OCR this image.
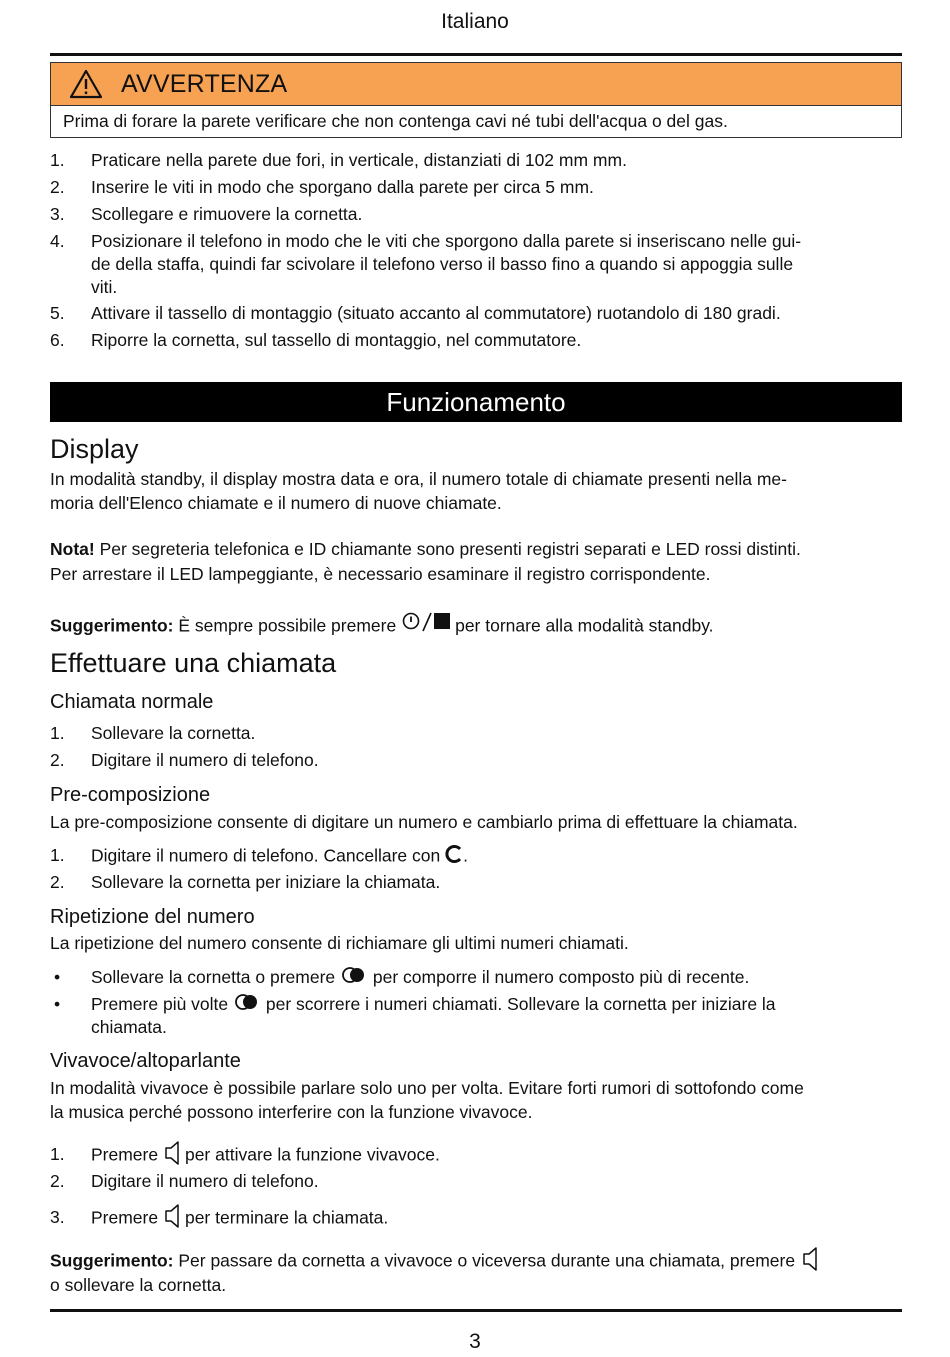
Italiano
AVVERTENZA
Prima di forare la parete verificare che non contenga cavi né tubi dell'acqua o del gas.
1. Praticare nella parete due fori, in verticale, distanziati di 102 mm mm.
2. Inserire le viti in modo che sporgano dalla parete per circa 5 mm.
3. Scollegare e rimuovere la cornetta.
4. Posizionare il telefono in modo che le viti che sporgono dalla parete si inseriscano nelle gui-
de della staffa, quindi far scivolare il telefono verso il basso fino a quando si appoggia sulle
viti.
5. Attivare il tassello di montaggio (situato accanto al commutatore) ruotandolo di 180 gradi.
6. Riporre la cornetta, sul tassello di montaggio, nel commutatore.
Funzionamento
Display
In modalità standby, il display mostra data e ora, il numero totale di chiamate presenti nella me-
moria dell'Elenco chiamate e il numero di nuove chiamate.
Nota! Per segreteria telefonica e ID chiamante sono presenti registri separati e LED rossi distinti.
Per arrestare il LED lampeggiante, è necessario esaminare il registro corrispondente.
Suggerimento: È sempre possibile premere	per tornare alla modalità standby.
Effettuare una chiamata
Chiamata normale
1. Sollevare la cornetta.
2. Digitare il numero di telefono.
Pre-composizione
La pre-composizione consente di digitare un numero e cambiarlo prima di effettuare la chiamata.
1. Digitare il numero di telefono. Cancellare con .
2. Sollevare la cornetta per iniziare la chiamata.
Ripetizione del numero
La ripetizione del numero consente di richiamare gli ultimi numeri chiamati.
• Sollevare la cornetta o premere  per comporre il numero composto più di recente.
• Premere più volte  per scorrere i numeri chiamati. Sollevare la cornetta per iniziare la
chiamata.
Vivavoce/altoparlante
In modalità vivavoce è possibile parlare solo uno per volta. Evitare forti rumori di sottofondo come
la musica perché possono interferire con la funzione vivavoce.
1. Premere per attivare la funzione vivavoce.
2. Digitare il numero di telefono.
3. Premere per terminare la chiamata.
Suggerimento: Per passare da cornetta a vivavoce o viceversa durante una chiamata, premere
o sollevare la cornetta.
3
